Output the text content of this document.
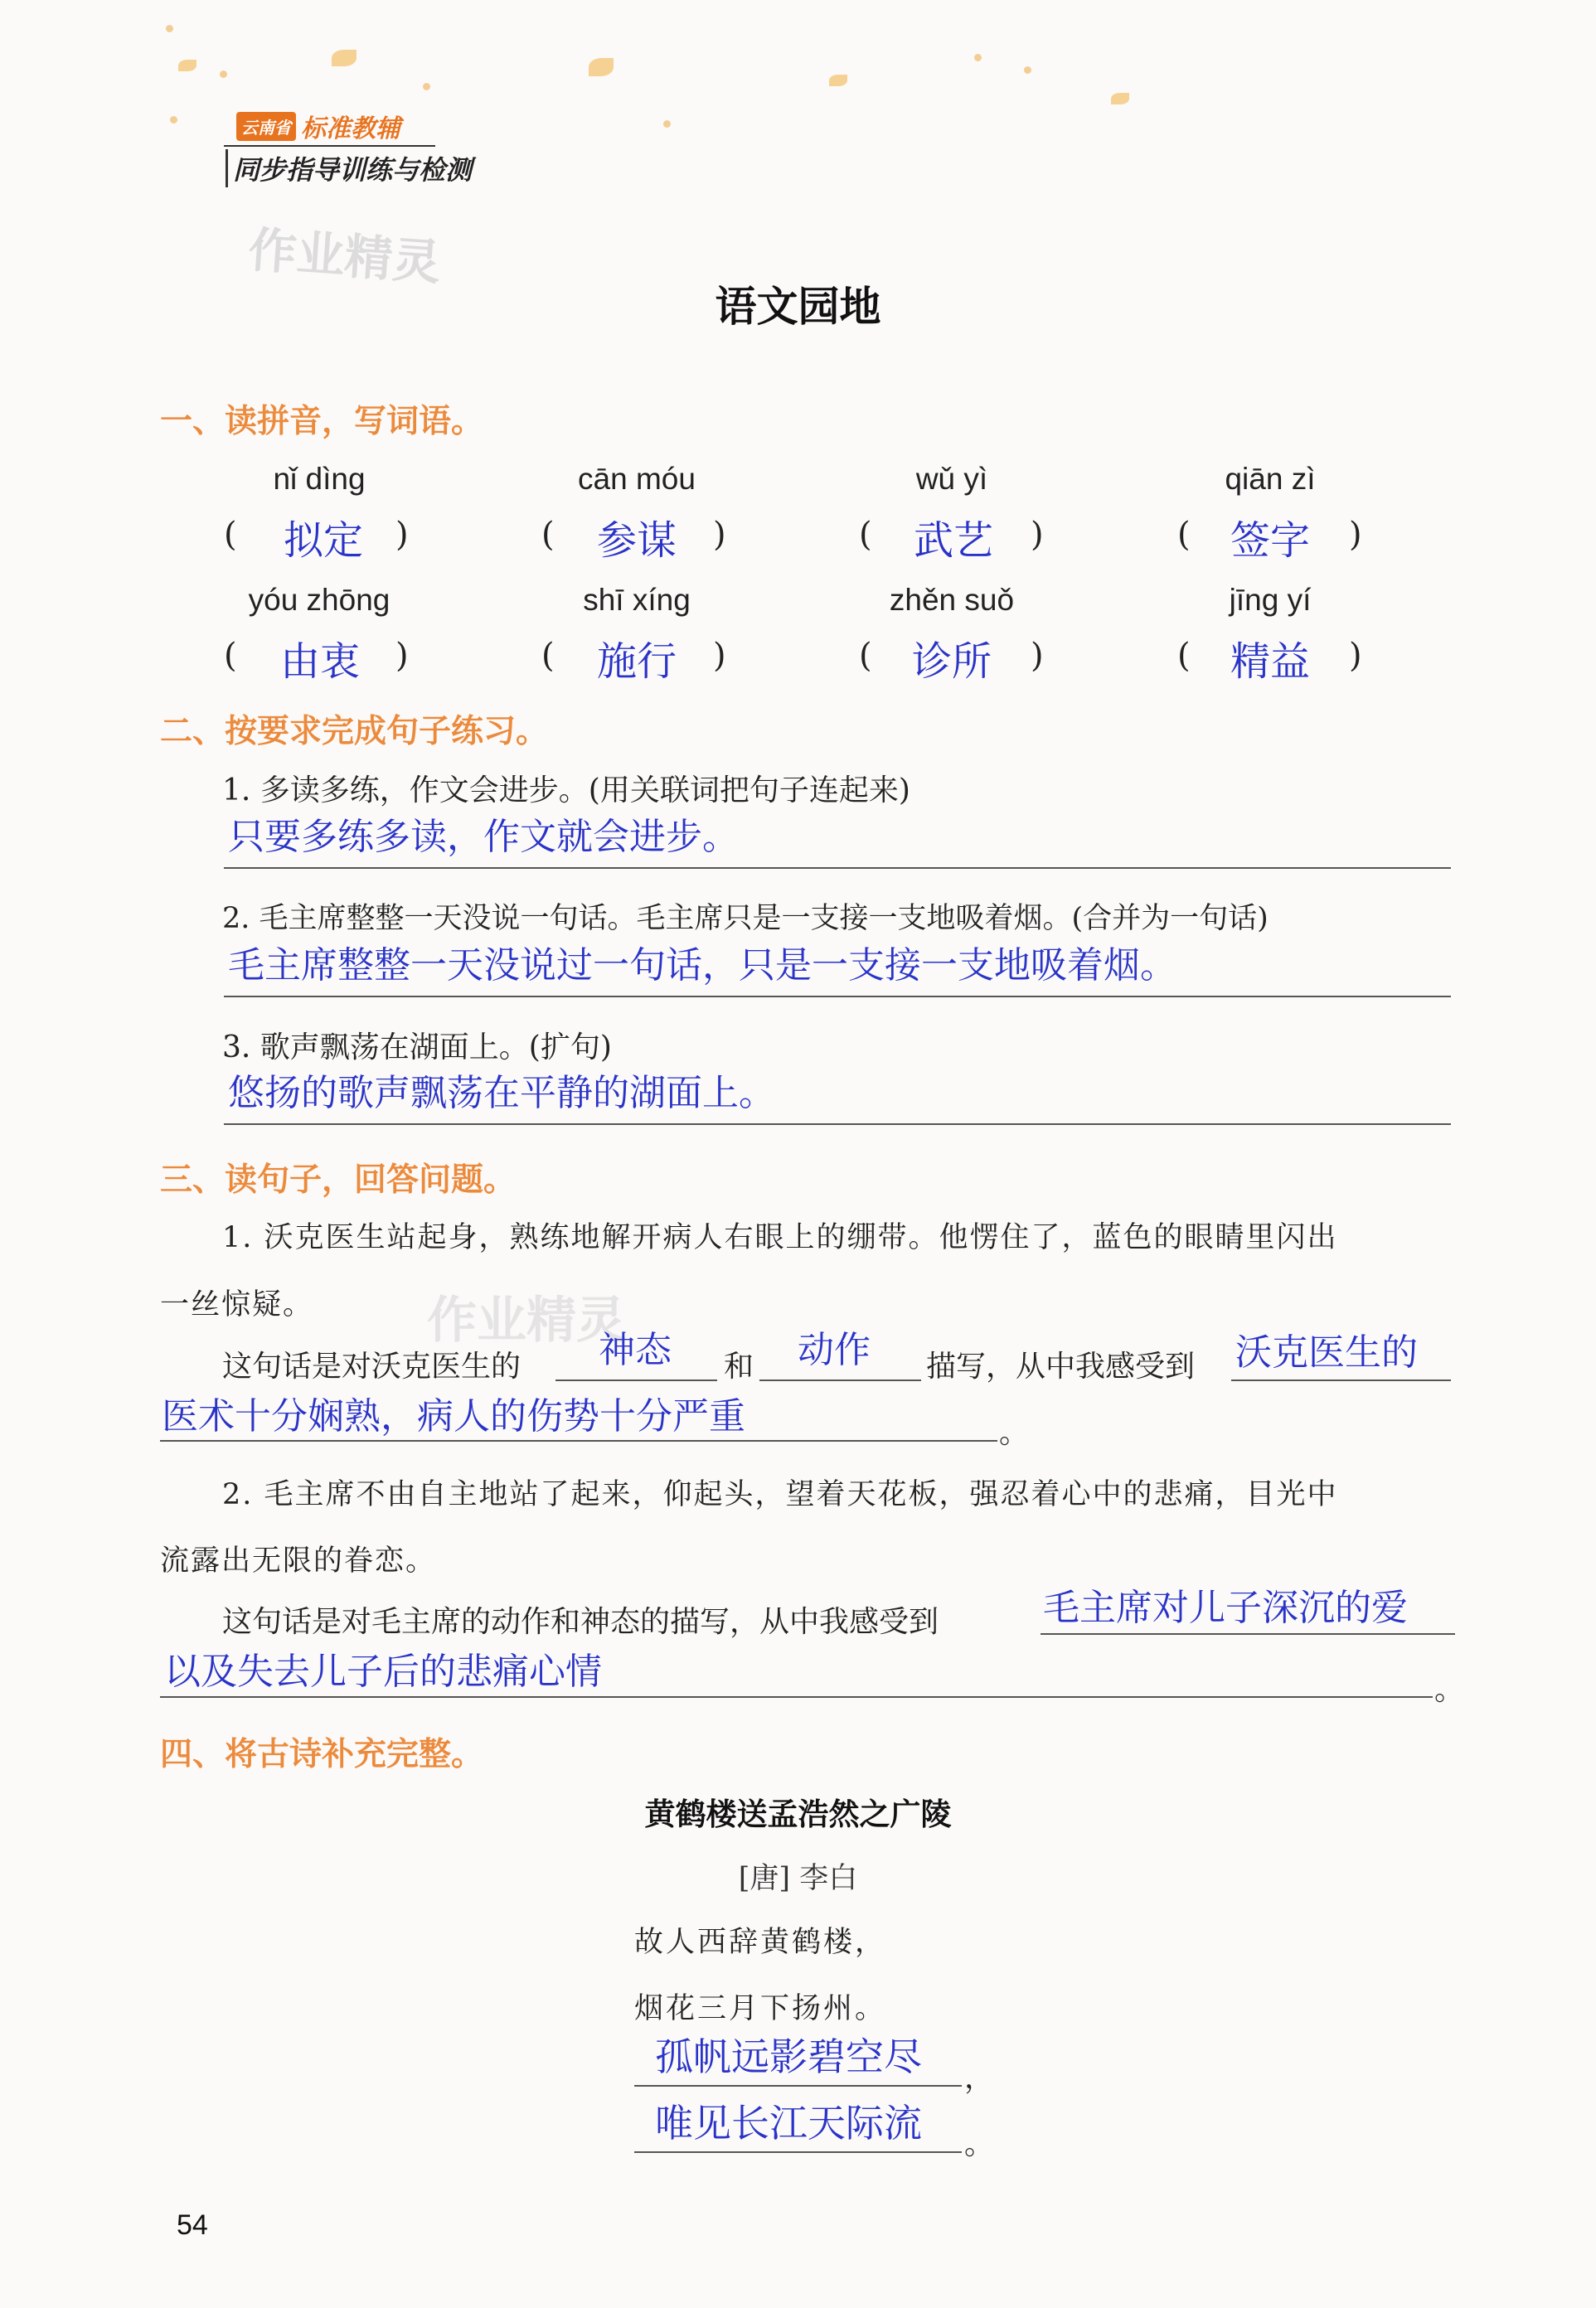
云南省 标准教辅
同步指导训练与检测
作业精灵
语文园地
一、读拼音，写词语。
nǐ dìng	cān móu	wǔ yì	qiān zì
(	)	(	)	(	)	(	)
拟定	参谋	武艺	签字
yóu zhōng	shī xíng	zhěn suǒ	jīng yí
(	)	(	)	(	)	(	)
由衷	施行	诊所	精益
二、按要求完成句子练习。
1. 多读多练，作文会进步。(用关联词把句子连起来)
只要多练多读，作文就会进步。
2. 毛主席整整一天没说一句话。毛主席只是一支接一支地吸着烟。(合并为一句话)
毛主席整整一天没说过一句话，只是一支接一支地吸着烟。
3. 歌声飘荡在湖面上。(扩句)
悠扬的歌声飘荡在平静的湖面上。
三、读句子，回答问题。
1. 沃克医生站起身，熟练地解开病人右眼上的绷带。他愣住了，蓝色的眼睛里闪出
一丝惊疑。 作业精灵
这句话是对沃克医生的 神态 和 动作 描写，从中我感受到 沃克医生的
医术十分娴熟，病人的伤势十分严重	。
2. 毛主席不由自主地站了起来，仰起头，望着天花板，强忍着心中的悲痛，目光中
流露出无限的眷恋。
这句话是对毛主席的动作和神态的描写，从中我感受到	毛主席对儿子深沉的爱
以及失去儿子后的悲痛心情	。
四、将古诗补充完整。
黄鹤楼送孟浩然之广陵
[唐] 李白
故人西辞黄鹤楼，
烟花三月下扬州。
孤帆远影碧空尽 ，
唯见长江天际流 。
54
